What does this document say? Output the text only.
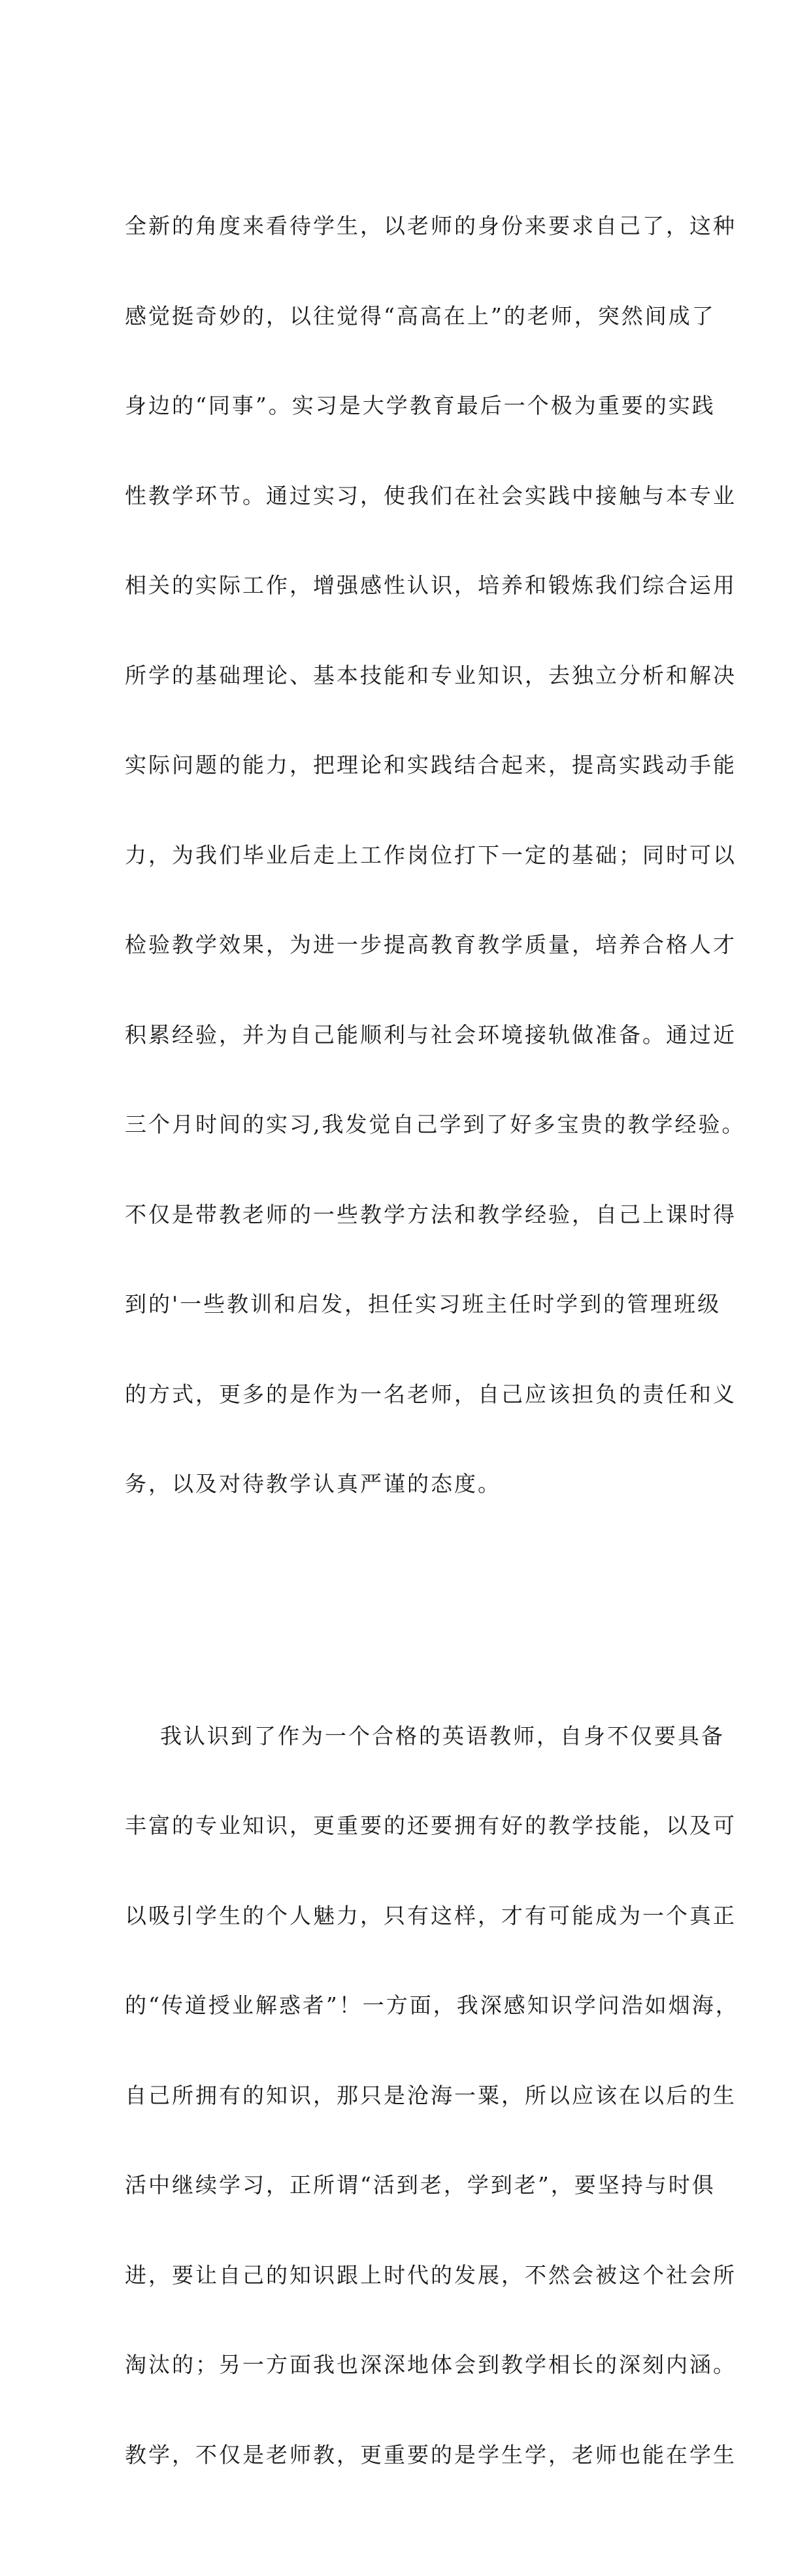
全新的角度来看待学生，以老师的身份来要求自己了，这种

感觉挺奇妙的，以往觉得“高高在上”的老师，突然间成了

身边的“同事”。实习是大学教育最后一个极为重要的实践

性教学环节。通过实习，使我们在社会实践中接触与本专业

相关的实际工作，增强感性认识，培养和锻炼我们综合运用

所学的基础理论、基本技能和专业知识，去独立分析和解决

实际问题的能力，把理论和实践结合起来，提高实践动手能

力，为我们毕业后走上工作岗位打下一定的基础；同时可以

检验教学效果，为进一步提高教育教学质量，培养合格人才

积累经验，并为自己能顺利与社会环境接轨做准备。通过近

三个月时间的实习,我发觉自己学到了好多宝贵的教学经验。

不仅是带教老师的一些教学方法和教学经验，自己上课时得

到的'一些教训和启发，担任实习班主任时学到的管理班级

的方式，更多的是作为一名老师，自己应该担负的责任和义

务，以及对待教学认真严谨的态度。

我认识到了作为一个合格的英语教师，自身不仅要具备

丰富的专业知识，更重要的还要拥有好的教学技能，以及可

以吸引学生的个人魅力，只有这样，才有可能成为一个真正

的“传道授业解惑者”！一方面，我深感知识学问浩如烟海，

自己所拥有的知识，那只是沧海一粟，所以应该在以后的生

活中继续学习，正所谓“活到老，学到老”，要坚持与时俱

进，要让自己的知识跟上时代的发展，不然会被这个社会所

淘汰的；另一方面我也深深地体会到教学相长的深刻内涵。

教学，不仅是老师教，更重要的是学生学，老师也能在学生
